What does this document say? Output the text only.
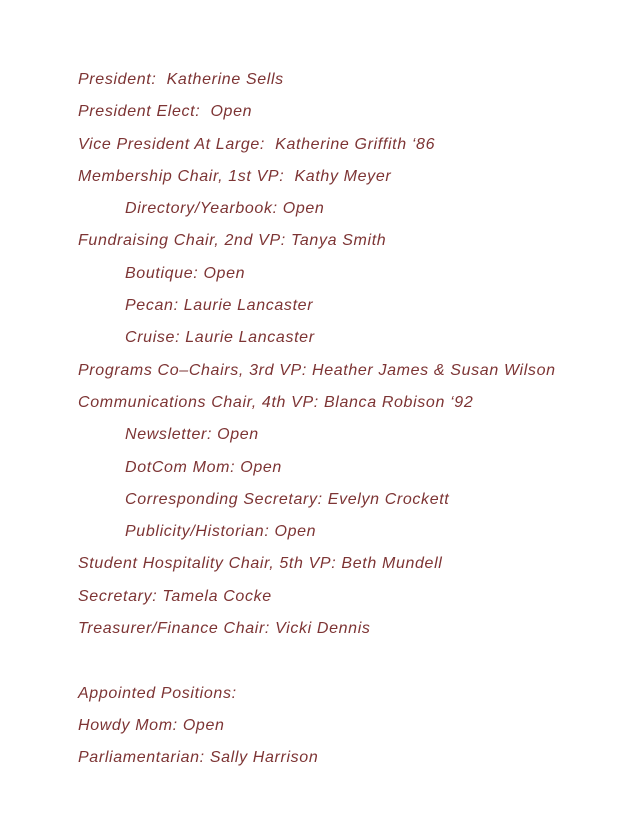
President:  Katherine Sells
President Elect:  Open
Vice President At Large:  Katherine Griffith ‘86
Membership Chair, 1st VP:  Kathy Meyer
Directory/Yearbook: Open
Fundraising Chair, 2nd VP: Tanya Smith
Boutique: Open
Pecan: Laurie Lancaster
Cruise: Laurie Lancaster
Programs Co–Chairs, 3rd VP: Heather James & Susan Wilson
Communications Chair, 4th VP: Blanca Robison ‘92
Newsletter: Open
DotCom Mom: Open
Corresponding Secretary: Evelyn Crockett
Publicity/Historian: Open
Student Hospitality Chair, 5th VP: Beth Mundell
Secretary: Tamela Cocke
Treasurer/Finance Chair: Vicki Dennis
Appointed Positions:
Howdy Mom: Open
Parliamentarian: Sally Harrison
